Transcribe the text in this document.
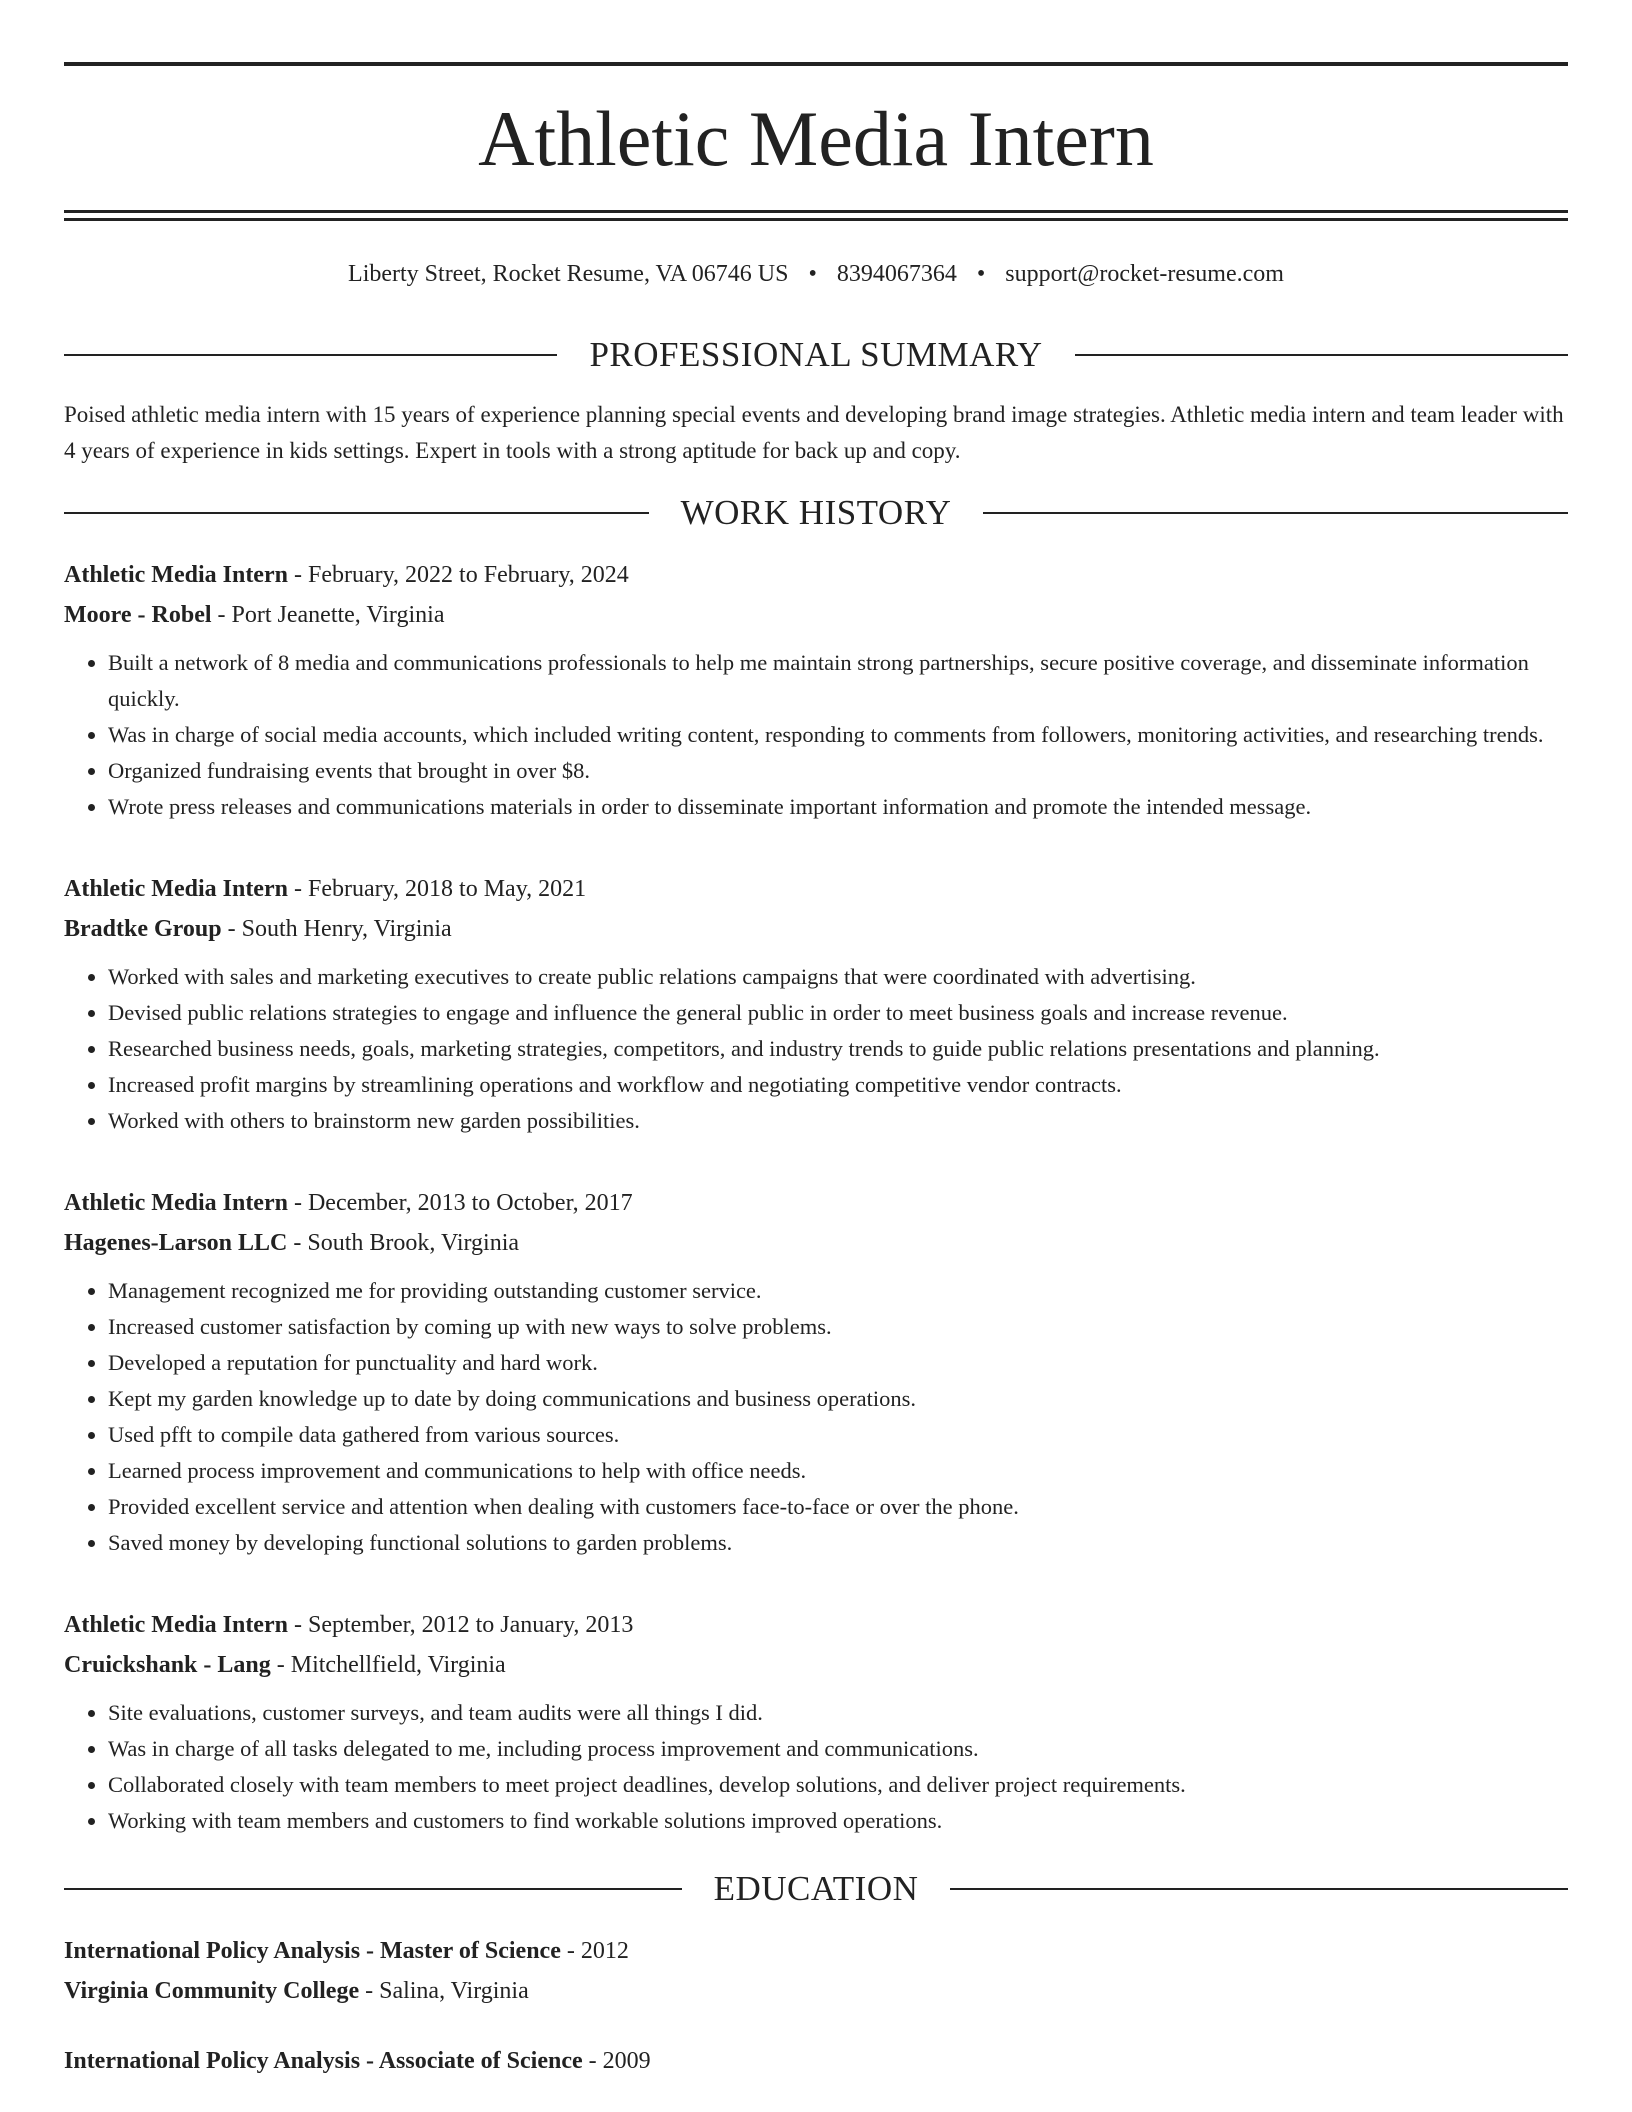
Athletic Media Intern
Liberty Street, Rocket Resume, VA 06746 US • 8394067364 • support@rocket-resume.com
PROFESSIONAL SUMMARY
Poised athletic media intern with 15 years of experience planning special events and developing brand image strategies. Athletic media intern and team leader with 4 years of experience in kids settings. Expert in tools with a strong aptitude for back up and copy.
WORK HISTORY
Athletic Media Intern - February, 2022 to February, 2024
Moore - Robel - Port Jeanette, Virginia
• Built a network of 8 media and communications professionals to help me maintain strong partnerships, secure positive coverage, and disseminate information quickly.
• Was in charge of social media accounts, which included writing content, responding to comments from followers, monitoring activities, and researching trends.
• Organized fundraising events that brought in over $8.
• Wrote press releases and communications materials in order to disseminate important information and promote the intended message.
Athletic Media Intern - February, 2018 to May, 2021
Bradtke Group - South Henry, Virginia
• Worked with sales and marketing executives to create public relations campaigns that were coordinated with advertising.
• Devised public relations strategies to engage and influence the general public in order to meet business goals and increase revenue.
• Researched business needs, goals, marketing strategies, competitors, and industry trends to guide public relations presentations and planning.
• Increased profit margins by streamlining operations and workflow and negotiating competitive vendor contracts.
• Worked with others to brainstorm new garden possibilities.
Athletic Media Intern - December, 2013 to October, 2017
Hagenes-Larson LLC - South Brook, Virginia
• Management recognized me for providing outstanding customer service.
• Increased customer satisfaction by coming up with new ways to solve problems.
• Developed a reputation for punctuality and hard work.
• Kept my garden knowledge up to date by doing communications and business operations.
• Used pfft to compile data gathered from various sources.
• Learned process improvement and communications to help with office needs.
• Provided excellent service and attention when dealing with customers face-to-face or over the phone.
• Saved money by developing functional solutions to garden problems.
Athletic Media Intern - September, 2012 to January, 2013
Cruickshank - Lang - Mitchellfield, Virginia
• Site evaluations, customer surveys, and team audits were all things I did.
• Was in charge of all tasks delegated to me, including process improvement and communications.
• Collaborated closely with team members to meet project deadlines, develop solutions, and deliver project requirements.
• Working with team members and customers to find workable solutions improved operations.
EDUCATION
International Policy Analysis - Master of Science - 2012
Virginia Community College - Salina, Virginia
International Policy Analysis - Associate of Science - 2009
